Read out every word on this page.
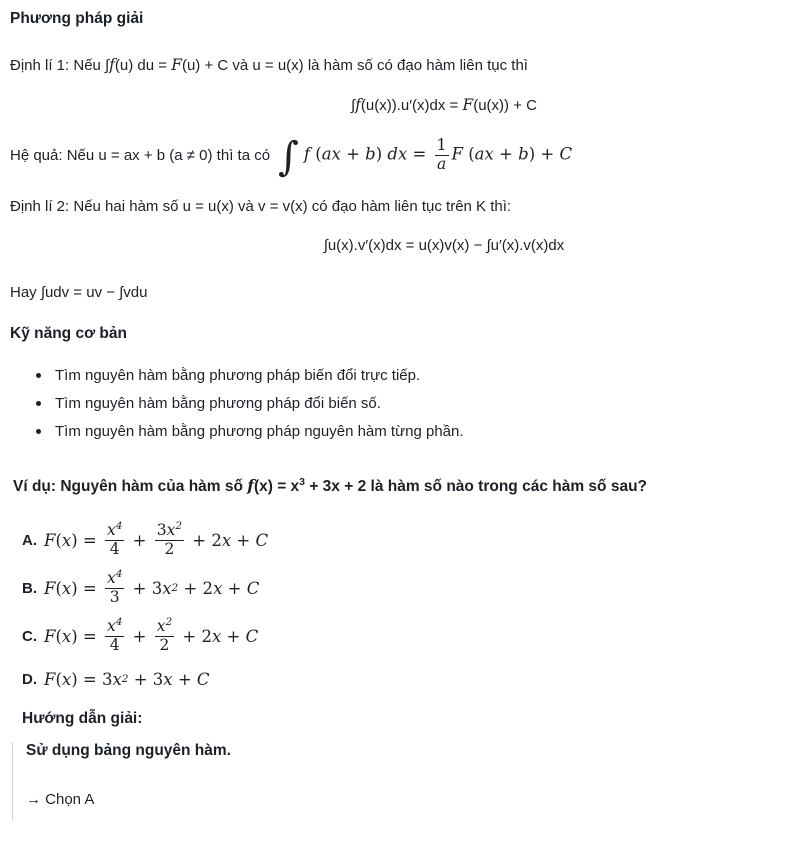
Phương pháp giải

Định lí 1: Nếu ∫f(u) du = F(u) + C và u = u(x) là hàm số có đạo hàm liên tục thì

∫f(u(x)).u′(x)dx = F(u(x)) + C

Hệ quả: Nếu u = ax + b (a ≠ 0) thì ta có ∫ f (ax + b) dx = $\frac{1}{a}$ F (ax + b) + C

Định lí 2: Nếu hai hàm số u = u(x) và v = v(x) có đạo hàm liên tục trên K thì:

∫u(x).v′(x)dx = u(x)v(x) − ∫u′(x).v(x)dx

Hay ∫udv = uv − ∫vdu

Kỹ năng cơ bản
Tìm nguyên hàm bằng phương pháp biến đổi trực tiếp.
Tìm nguyên hàm bằng phương pháp đổi biến số.
Tìm nguyên hàm bằng phương pháp nguyên hàm từng phần.

Ví dụ: Nguyên hàm của hàm số $f(x) = x^3 + 3x + 2$ là hàm số nào trong các hàm số sau?

A. F ( x ) = $\frac{x^4}{4} + \frac{3x^2}{2} + 2$ x + C
B. F ( x ) = $\frac{x^4}{3} + 3$ x 2 + 2 x + C
C. F ( x ) = $\frac{x^4}{4} + \frac{x^2}{2} + 2$ x + C
D. F ( x ) = 3 x 2 + 3 x + C
Hướng dẫn giải:

Sử dụng bảng nguyên hàm.

→ Chọn A
